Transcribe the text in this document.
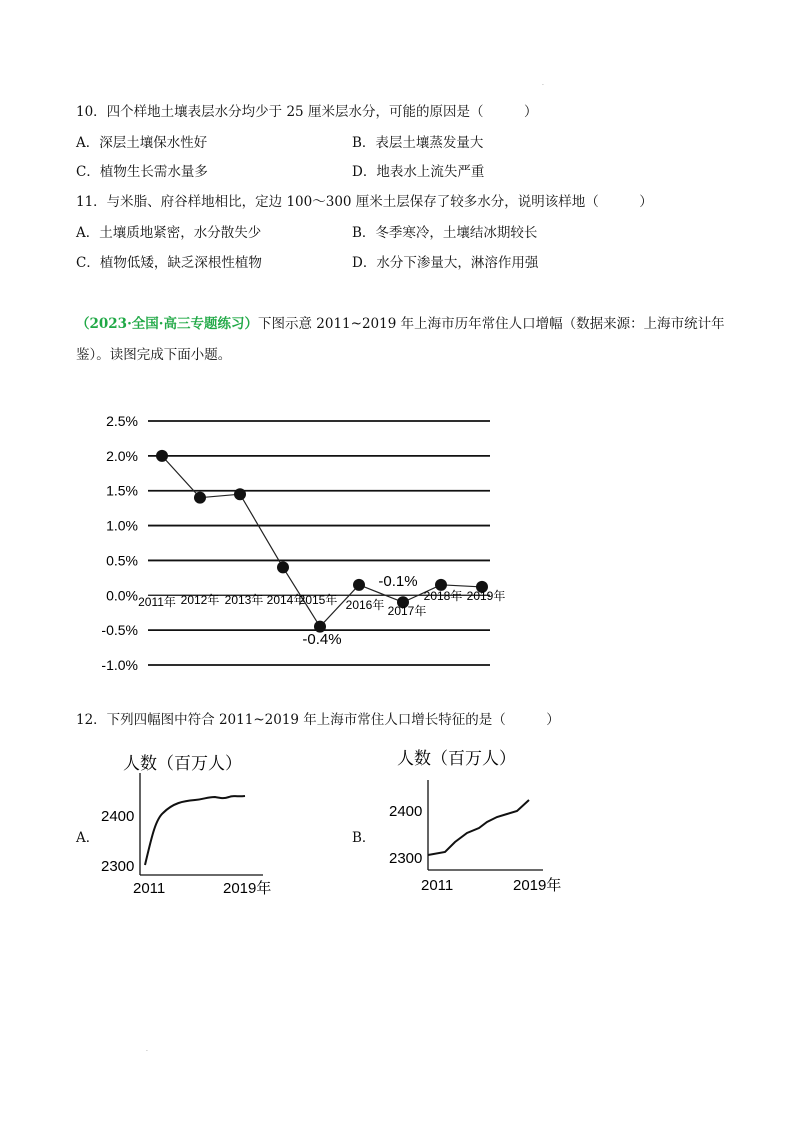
·
10．四个样地土壤表层水分均少于 25 厘米层水分，可能的原因是（　　　）
A．深层土壤保水性好	B．表层土壤蒸发量大
C．植物生长需水量多	D．地表水上流失严重
11．与米脂、府谷样地相比，定边 100～300 厘米土层保存了较多水分，说明该样地（　　　）
A．土壤质地紧密，水分散失少	B．冬季寒冷，土壤结冰期较长
C．植物低矮，缺乏深根性植物	D．水分下渗量大，淋溶作用强
（2023·全国·高三专题练习）下图示意 2011~2019 年上海市历年常住人口增幅（数据来源：上海市统计年
鉴）。读图完成下面小题。
2.5%
2.0%
1.5%
1.0%
0.5%
0.0%
-0.5%
-1.0%
2011年 2012年 2013年 2014年
2015年 2016年 2017年
2018年 2019年
-0.4%
-0.1%
12．下列四幅图中符合 2011~2019 年上海市常住人口增长特征的是（　　　）
A．	B．
人数（百万人）
2400
2300
2011	2019年
人数（百万人）
2400
2300
2011	2019年
·
